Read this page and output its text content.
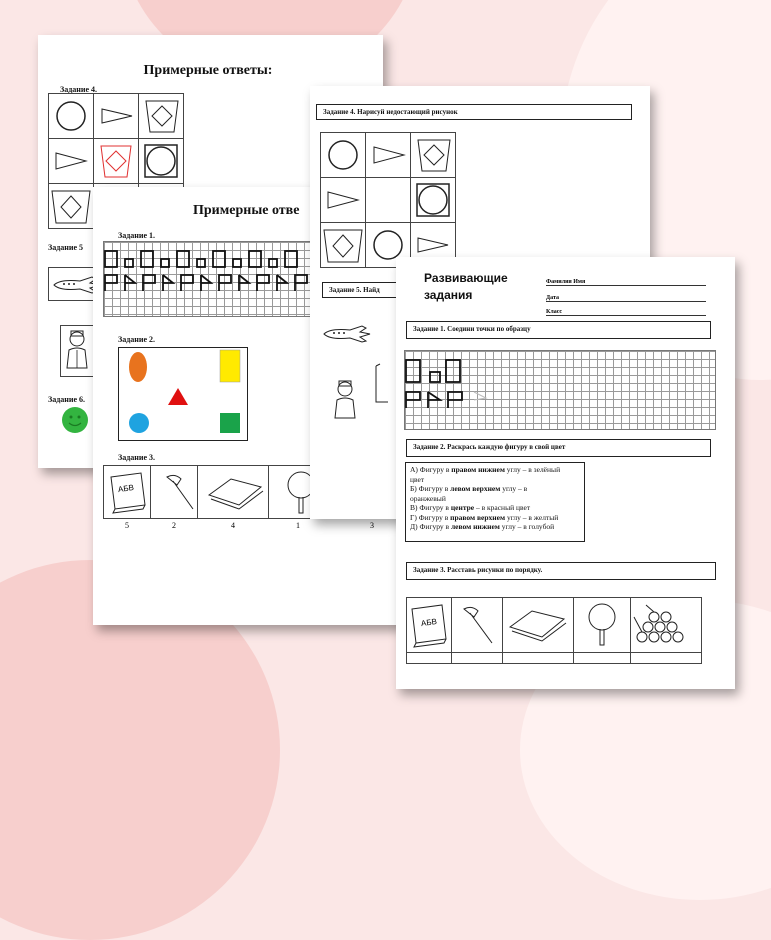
Примерные ответы:
Задание 4.
Задание 5
Задание 6.
Примерные отве
Задание 1.
Задание 2.
Задание 3.
АБВ
5	2	4	1	3
Задание 4. Нарисуй недостающий рисунок
Задание 5. Найд
Развивающие
задания
Фамилия Имя
Дата
Класс
Задание 1. Соедини точки по образцу
Задание 2. Раскрась каждую фигуру в свой цвет
А) Фигуру в правом нижнем углу – в зелёный
цвет
Б) Фигуру в левом верхнем углу – в
оранжевый
В) Фигуру в центре – в красный цвет
Г) Фигуру в правом верхнем углу – в желтый
Д) Фигуру в левом нижнем углу – в голубой
Задание 3. Расставь рисунки по порядку.
АБВ
